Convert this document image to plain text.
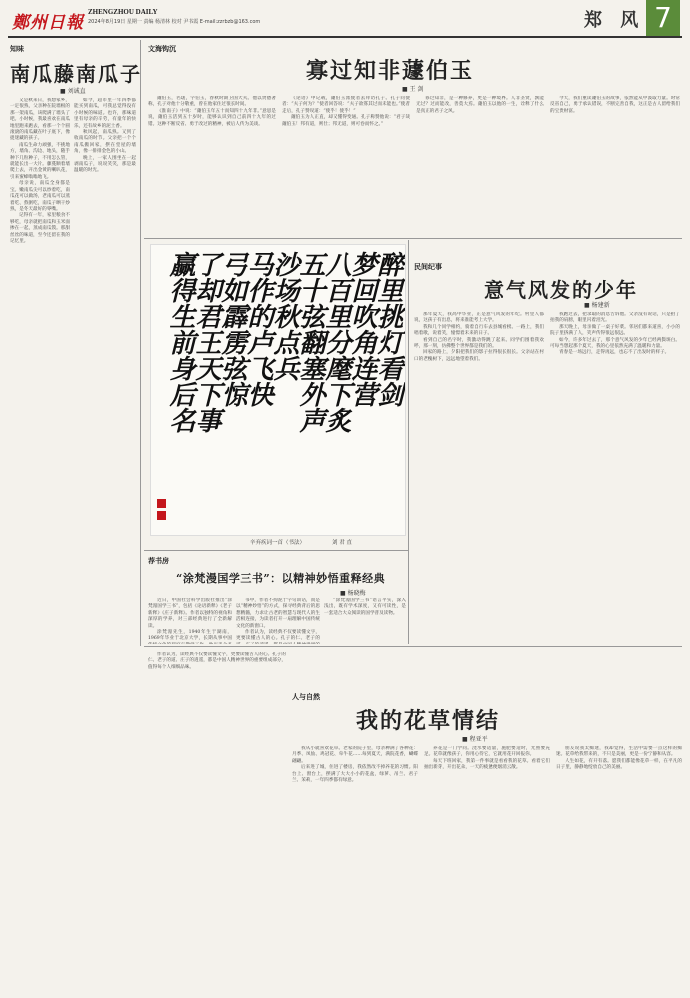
鄭州日報
ZHENGZHOU DAILY
2024年8月19日 星期一 责编 杨清林 校对 尹书霞 E-mail:zzrbzb@163.com	郑 风 7
知味
南瓜藤南瓜子
■ 刘诚直

又是秋来日，我想家乡，一定很熟，父亲种在院墙根的那一架南瓜，该爬满了墙头了吧。小时候，我最喜欢在南瓜地里跑来跑去，看那一个个圆滚滚的南瓜藏在叶子底下，像捉迷藏的孩子。

南瓜生命力顽强，不挑地方，墙角、沟边、地头，随手种下几粒种子，不用怎么管，就能长出一大片。藤蔓顺着墙爬上去，开出金黄的喇叭花，引来蜜蜂嗡嗡地飞。

母亲说，南瓜全身都是宝。嫩南瓜尖可以炒着吃，南瓜花可以做汤，老南瓜可以蒸着吃、熬粥吃，南瓜子晒干炒熟，是冬天最好的零嘴。

记得有一年，家里粮食不够吃，母亲就把南瓜和玉米面掺在一起，蒸成南瓜馍。那甜丝丝的味道，至今还留在我的记忆里。

如今，超市里一年四季都能买到南瓜，可我总觉得没有小时候的味道。也许，那味道里有母亲的辛劳，有童年的快乐，还有故乡的泥土香。

秋风起，南瓜熟。又到了收南瓜的时节。父亲把一个个南瓜搬回家，摆在堂屋的墙角，像一排排金色的小山。

晚上，一家人围坐在一起剥南瓜子，说说笑笑，那是最温暖的时光。

文海钩沉
寡过知非蘧伯玉
■ 王 剑

蘧伯玉，名瑗，字伯玉，春秋时期卫国大夫。他以贤德著称，孔子对他十分敬重，曾在他家住过很长时间。

《淮南子》中说：“蘧伯玉年五十而知四十九年非。”意思是说，蘧伯玉活到五十岁时，能够认识到自己前四十九年的过错。这种不断反省、勇于改过的精神，被后人传为美谈。

《论语》中记载，蘧伯玉派使者去拜访孔子。孔子问使者：“夫子何为？”使者回答说：“夫子欲寡其过而未能也。”使者走后，孔子赞叹道：“使乎！使乎！”

蘧伯玉为人正直，却又懂得变通。孔子称赞他说：“君子哉蘧伯玉！邦有道，则仕；邦无道，则可卷而怀之。”

寡过知非，是一种修养，更是一种境界。人非圣贤，孰能无过？过而能改，善莫大焉。蘧伯玉以他的一生，诠释了什么是真正的君子之风。

今天，我们重读蘧伯玉的故事，依然能从中汲取力量。时常反省自己，勇于承认错误，不断完善自我，这正是古人留给我们的宝贵财富。

醉里挑灯看剑
梦回吹角连营
八百里分麾下炙
五十弦翻塞外声
沙场秋点兵
马作的卢飞快
弓如霹雳弦惊
了却君王天下事
赢得生前身后名
辛弃疾词一首（书法）	刘 君 直
荐书房
“涂梵漫国学三书”：以精神妙悟重释经典
■ 杨晓梅

近日，中国社会科学出版社推出“涂梵漫国学三书”，包括《论语新释》《老子新释》《庄子新释》。作者以独特的视角和深厚的学养，对三部经典进行了全新解读。

涂梵漫先生，1940年生于湖南，1969年毕业于北京大学，长期从事中国

书中，作者不拘泥于字句训诂，而是以“精神妙悟”的方式，探寻经典背后的思想精髓，力求让古老的智慧与现代人的生活相连接，为读者打开一扇理解中国传统文化的新窗口。

作者认为，读经典不仅要读懂文字，更要读懂古人的心。孔子的仁、老子的

“涂梵漫国学三书”语言平实，深入浅出，既有学术深度，又有可读性，是一套适合大众阅读的国学普及读物。

民间纪事
意气风发的少年
■ 杨建新

那年夏天，我高中毕业，正是意气风发的年纪。村里人都说，这孩子有出息，将来准能考上大学。

我和几个同学相约，骑着自行车去县城看榜。一路上，我们唱着歌，说着笑，憧憬着未来的日子。

看到自己的名字时，我激动得跳了起来。同学们围着我欢呼，那一刻，仿佛整个世界都是我们的。

回家的路上，夕阳把我们的影子拉得很长很长。父亲站在村口的老槐树下，远远地望着我们。

我跑过去，把录取的消息告诉他。父亲没有说话，只是拍了拍我的肩膀，眼里闪着泪光。

那天晚上，母亲做了一桌子好菜。邻居们都来道喜，小小的院子里挤满了人，笑声传得很远很远。

如今，许多年过去了，那个意气风发的少年已经两鬓斑白。可每当想起那个夏天，我的心里依然充满了温暖和力量。

青春是一场远行，走得再远，也忘不了出发时的样子。

人与自然
我的花草情结
■ 程亚平

我从小就喜欢花草。老家的院子里，母亲种满了各种花：月季、凤仙、鸡冠花、牵牛花……每到夏天，满院花香，蝴蝶翩翩。

后来进了城，住进了楼房，我依然改不掉养花的习惯。阳台上、窗台上，摆满了大大小小的花盆，绿萝、吊兰、君子兰、茉莉，一年四季都有绿意。

养花是一门学问。浇水要适量，施肥要适时，光照要充足。花草就像孩子，你用心待它，它就用花开回报你。

每天下班回家，我第一件事就是看看我的花草。看着它们抽出新芽，开出花朵，一天的疲惫便烟消云散。

朋友说我太痴迷，我却觉得，生活中需要一点这样的痴迷。花草给我带来的，不只是美丽，更是一份宁静和从容。

人生如花，有开有落。愿我们都能像花草一样，在平凡的日子里，静静地绽放自己的美丽。

作者认为，读经典不仅要读懂文字，更要读懂古人的心。孔子的仁、老子的道、庄子的逍遥，都是中国人精神世界的重要组成部分，值得每个人细细品味。
